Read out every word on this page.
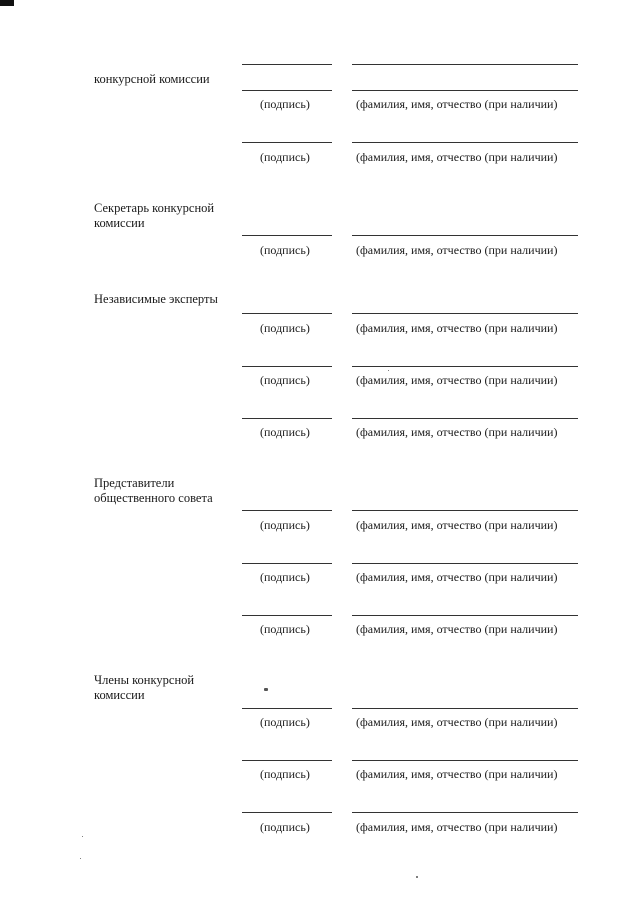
конкурсной комиссии
(подпись)	(фамилия, имя, отчество (при наличии)
(подпись)	(фамилия, имя, отчество (при наличии)
Секретарь конкурсной комиссии
(подпись)	(фамилия, имя, отчество (при наличии)
Независимые эксперты
(подпись)	(фамилия, имя, отчество (при наличии)
(подпись)	(фамилия, имя, отчество (при наличии)
(подпись)	(фамилия, имя, отчество (при наличии)
Представители общественного совета
(подпись)	(фамилия, имя, отчество (при наличии)
(подпись)	(фамилия, имя, отчество (при наличии)
(подпись)	(фамилия, имя, отчество (при наличии)
Члены конкурсной комиссии
(подпись)	(фамилия, имя, отчество (при наличии)
(подпись)	(фамилия, имя, отчество (при наличии)
(подпись)	(фамилия, имя, отчество (при наличии)
